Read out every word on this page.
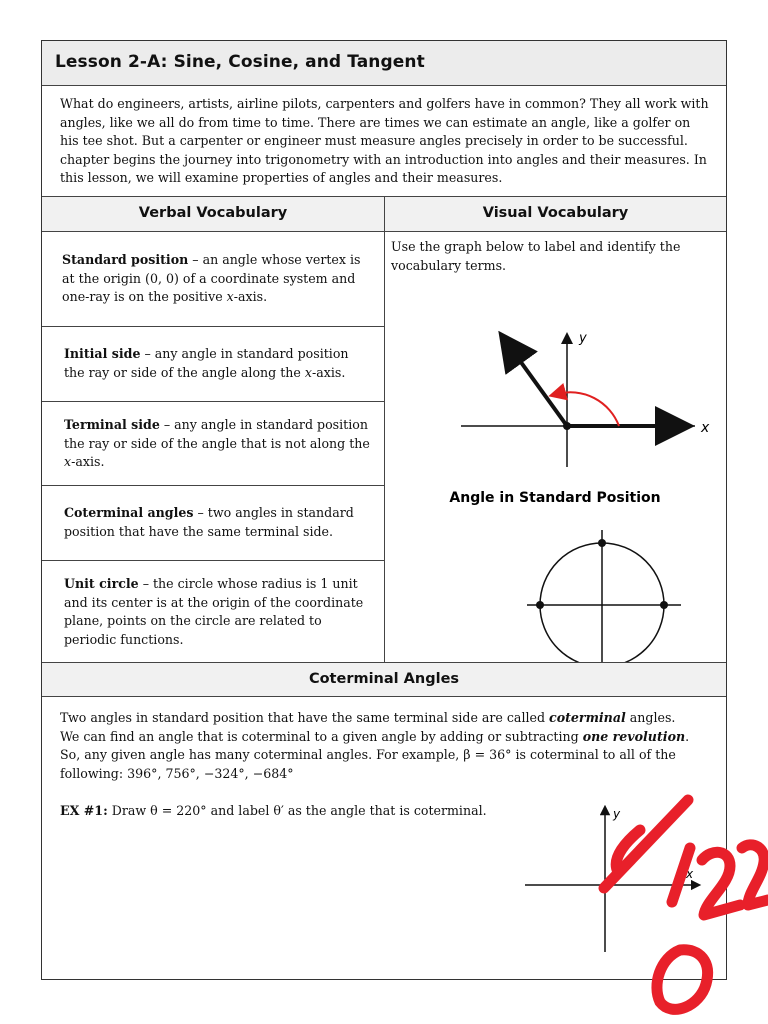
Lesson 2-A: Sine, Cosine, and Tangent
What do engineers, artists, airline pilots, carpenters and golfers have in common? They all work with angles, like we all do from time to time. There are times we can estimate an angle, like a golfer on his tee shot. But a carpenter or engineer must measure angles precisely in order to be successful. chapter begins the journey into trigonometry with an introduction into angles and their measures. In this lesson, we will examine properties of angles and their measures.
Verbal Vocabulary	Visual Vocabulary
Standard position – an angle whose vertex is at the origin (0, 0) of a coordinate system and one-ray is on the positive x-axis.
Initial side – any angle in standard position the ray or side of the angle along the x-axis.
Terminal side – any angle in standard position the ray or side of the angle that is not along the x-axis.
Coterminal angles – two angles in standard position that have the same terminal side.
Unit circle – the circle whose radius is 1 unit and its center is at the origin of the coordinate plane, points on the circle are related to periodic functions.
Use the graph below to label and identify the vocabulary terms.
y
x
Angle in Standard Position
Coterminal Angles
Two angles in standard position that have the same terminal side are called coterminal angles.
We can find an angle that is coterminal to a given angle by adding or subtracting one revolution.
So, any given angle has many coterminal angles. For example, β = 36° is coterminal to all of the
following: 396°, 756°, −324°, −684°
EX #1: Draw θ = 220° and label θ′ as the angle that is coterminal.	y
x
